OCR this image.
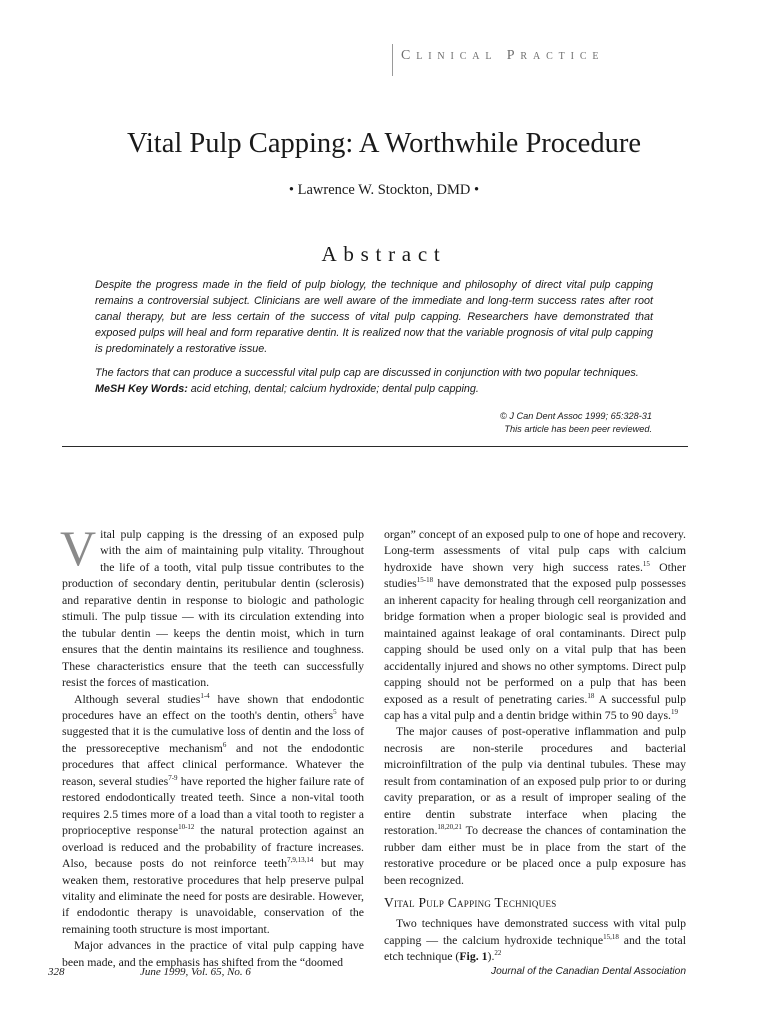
Clinical Practice
Vital Pulp Capping: A Worthwhile Procedure
• Lawrence W. Stockton, DMD •
Abstract

Despite the progress made in the field of pulp biology, the technique and philosophy of direct vital pulp capping remains a controversial subject. Clinicians are well aware of the immediate and long-term success rates after root canal therapy, but are less certain of the success of vital pulp capping. Researchers have demonstrated that exposed pulps will heal and form reparative dentin. It is realized now that the variable prognosis of vital pulp capping is predominately a restorative issue.

The factors that can produce a successful vital pulp cap are discussed in conjunction with two popular techniques.

MeSH Key Words: acid etching, dental; calcium hydroxide; dental pulp capping.
© J Can Dent Assoc 1999; 65:328-31
This article has been peer reviewed.

Vital pulp capping is the dressing of an exposed pulp with the aim of maintaining pulp vitality. Throughout the life of a tooth, vital pulp tissue contributes to the production of secondary dentin, peritubular dentin (sclerosis) and reparative dentin in response to biologic and pathologic stimuli. The pulp tissue — with its circulation extending into the tubular dentin — keeps the dentin moist, which in turn ensures that the dentin maintains its resilience and toughness. These characteristics ensure that the teeth can successfully resist the forces of mastication.

Although several studies$^{1-4}$ have shown that endodontic procedures have an effect on the tooth's dentin, others$^5$ have suggested that it is the cumulative loss of dentin and the loss of the pressoreceptive mechanism$^6$ and not the endodontic procedures that affect clinical performance. Whatever the reason, several studies$^{7-9}$ have reported the higher failure rate of restored endodontically treated teeth. Since a non-vital tooth requires 2.5 times more of a load than a vital tooth to register a proprioceptive response$^{10-12}$ the natural protection against an overload is reduced and the probability of fracture increases. Also, because posts do not reinforce teeth$^{7,9,13,14}$ but may weaken them, restorative procedures that help preserve pulpal vitality and eliminate the need for posts are desirable. However, if endodontic therapy is unavoidable, conservation of the remaining tooth structure is most important.

Major advances in the practice of vital pulp capping have been made, and the emphasis has shifted from the “doomed

organ” concept of an exposed pulp to one of hope and recovery. Long-term assessments of vital pulp caps with calcium hydroxide have shown very high success rates.$^{15}$ Other studies$^{15-18}$ have demonstrated that the exposed pulp possesses an inherent capacity for healing through cell reorganization and bridge formation when a proper biologic seal is provided and maintained against leakage of oral contaminants. Direct pulp capping should be used only on a vital pulp that has been accidentally injured and shows no other symptoms. Direct pulp capping should not be performed on a pulp that has been exposed as a result of penetrating caries.$^{18}$ A successful pulp cap has a vital pulp and a dentin bridge within 75 to 90 days.$^{19}$

The major causes of post-operative inflammation and pulp necrosis are non-sterile procedures and bacterial microinfiltration of the pulp via dentinal tubules. These may result from contamination of an exposed pulp prior to or during cavity preparation, or as a result of improper sealing of the entire dentin substrate interface when placing the restoration.$^{18,20,21}$ To decrease the chances of contamination the rubber dam either must be in place from the start of the restorative procedure or be placed once a pulp exposure has been recognized.

Vital Pulp Capping Techniques

Two techniques have demonstrated success with vital pulp capping — the calcium hydroxide technique$^{15,18}$ and the total etch technique (Fig. 1).$^{22}$

328	June 1999, Vol. 65, No. 6	Journal of the Canadian Dental Association
